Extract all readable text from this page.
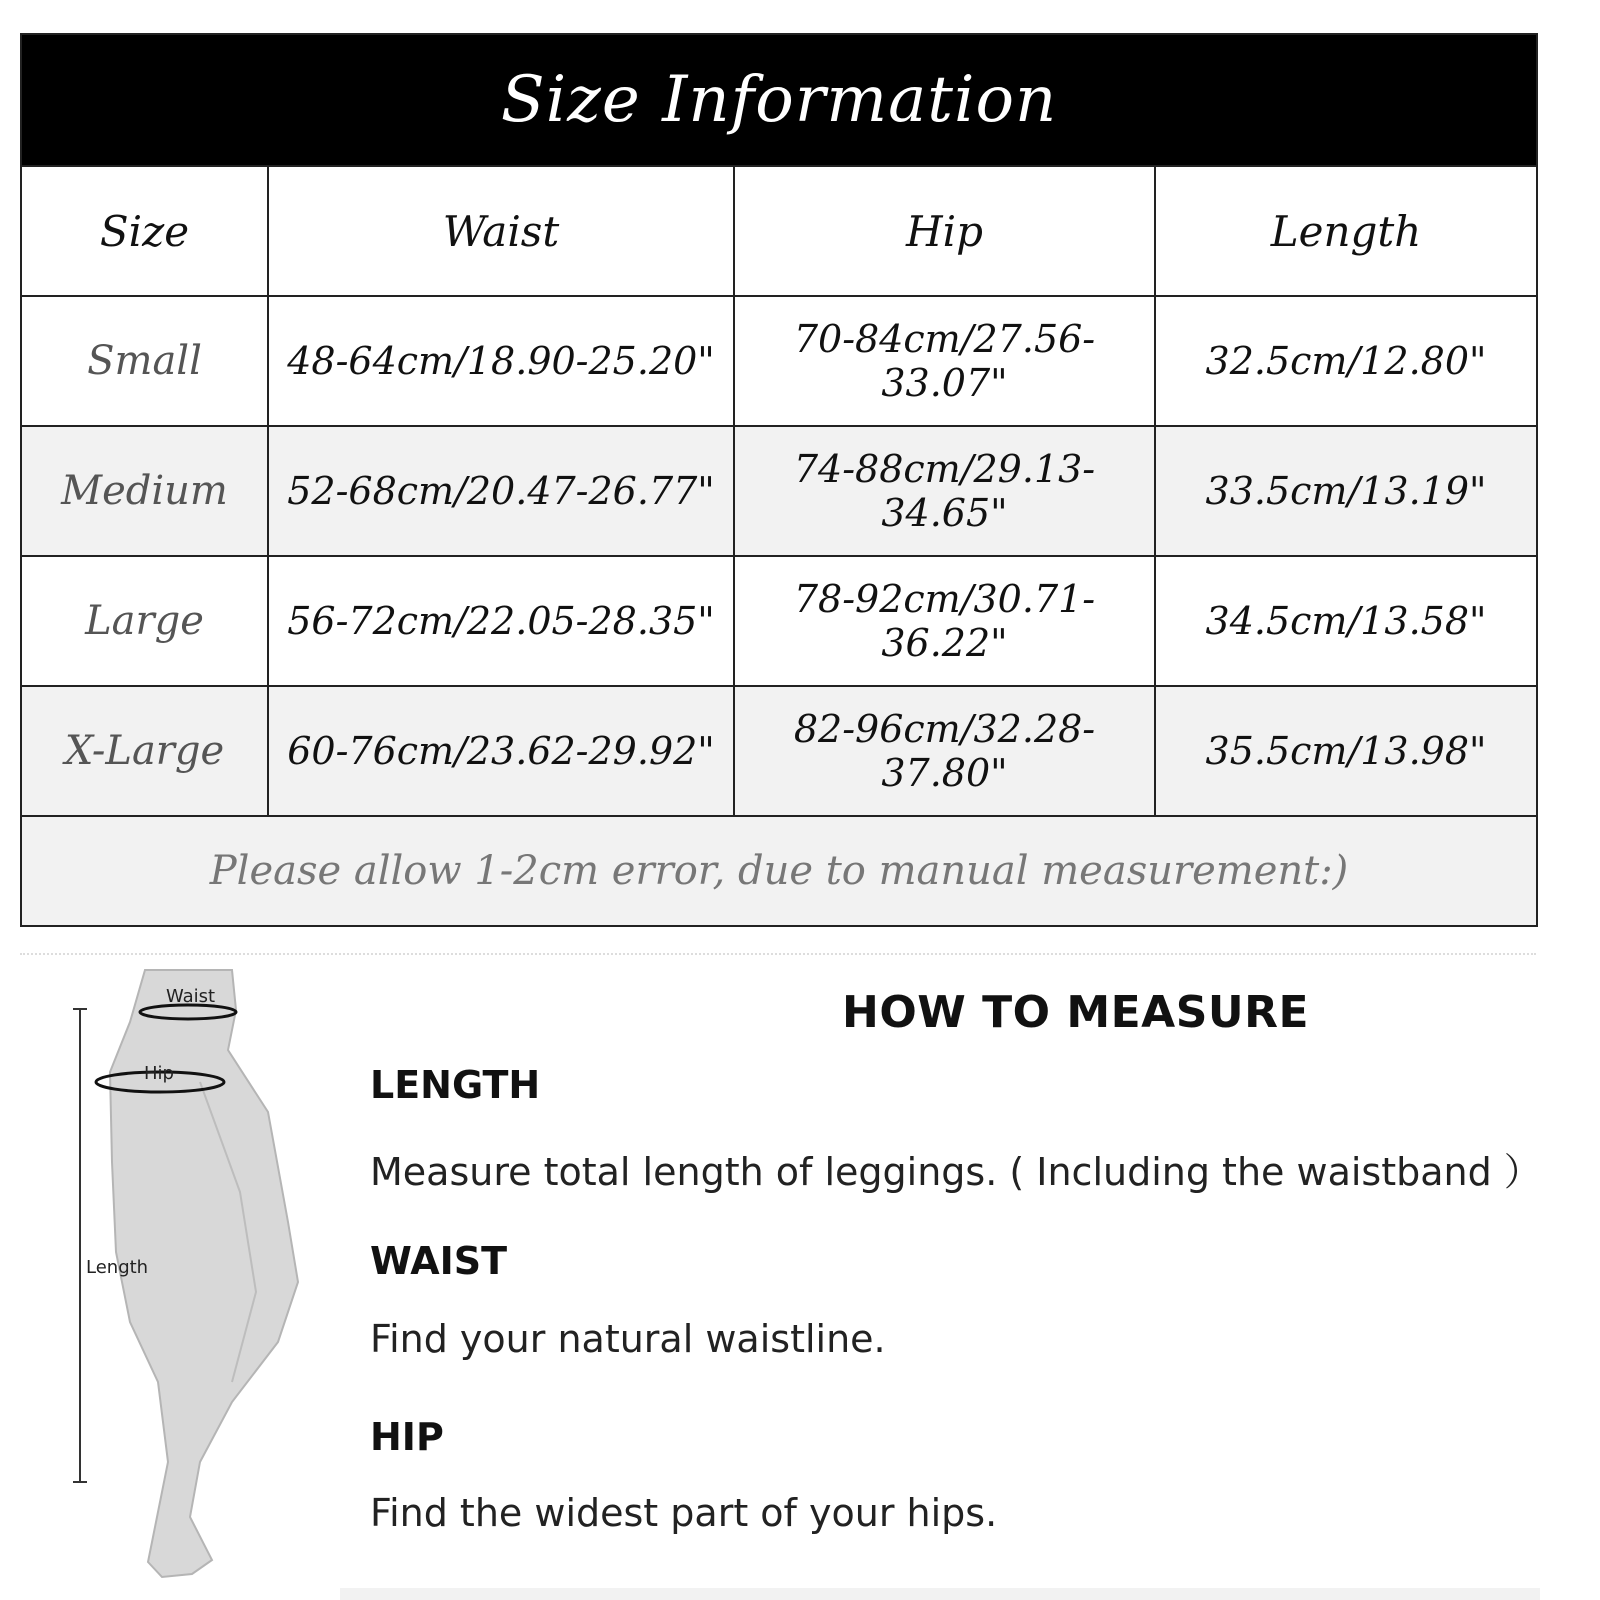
Size Information			
Size	Waist	Hip	Length
Small	48-64cm/18.90-25.20"	70-84cm/27.56-33.07"	32.5cm/12.80"
Medium	52-68cm/20.47-26.77"	74-88cm/29.13-34.65"	33.5cm/13.19"
Large	56-72cm/22.05-28.35"	78-92cm/30.71-36.22"	34.5cm/13.58"
X-Large	60-76cm/23.62-29.92"	82-96cm/32.28-37.80"	35.5cm/13.98"
Please allow 1-2cm error, due to manual measurement:)			
Waist
Hip
Length
HOW TO MEASURE

LENGTH

Measure total length of leggings. ( Including the waistband ）

WAIST

Find your natural waistline.

HIP

Find the widest part of your hips.
